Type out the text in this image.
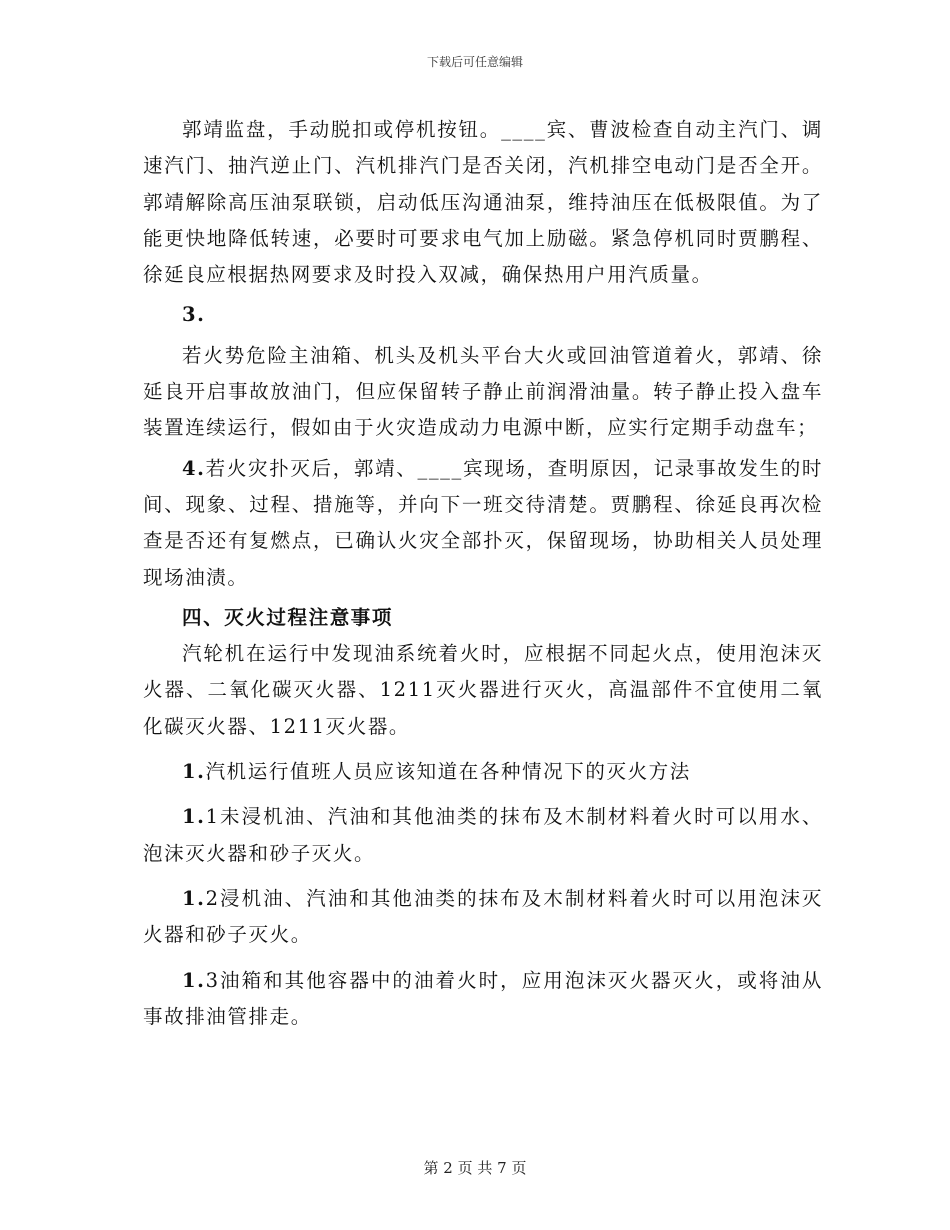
下载后可任意编辑

郭靖监盘，手动脱扣或停机按钮。____宾、曹波检查自动主汽门、调速汽门、抽汽逆止门、汽机排汽门是否关闭，汽机排空电动门是否全开。郭靖解除高压油泵联锁，启动低压沟通油泵，维持油压在低极限值。为了能更快地降低转速，必要时可要求电气加上励磁。紧急停机同时贾鹏程、徐延良应根据热网要求及时投入双减，确保热用户用汽质量。

3.

若火势危险主油箱、机头及机头平台大火或回油管道着火，郭靖、徐延良开启事故放油门，但应保留转子静止前润滑油量。转子静止投入盘车装置连续运行，假如由于火灾造成动力电源中断，应实行定期手动盘车；

4.若火灾扑灭后，郭靖、____宾现场，查明原因，记录事故发生的时间、现象、过程、措施等，并向下一班交待清楚。贾鹏程、徐延良再次检查是否还有复燃点，已确认火灾全部扑灭，保留现场，协助相关人员处理现场油渍。

四、灭火过程注意事项

汽轮机在运行中发现油系统着火时，应根据不同起火点，使用泡沫灭火器、二氧化碳灭火器、1211灭火器进行灭火，高温部件不宜使用二氧化碳灭火器、1211灭火器。

1.汽机运行值班人员应该知道在各种情况下的灭火方法

1.1未浸机油、汽油和其他油类的抹布及木制材料着火时可以用水、泡沫灭火器和砂子灭火。

1.2浸机油、汽油和其他油类的抹布及木制材料着火时可以用泡沫灭火器和砂子灭火。

1.3油箱和其他容器中的油着火时，应用泡沫灭火器灭火，或将油从事故排油管排走。

第 2 页 共 7 页
